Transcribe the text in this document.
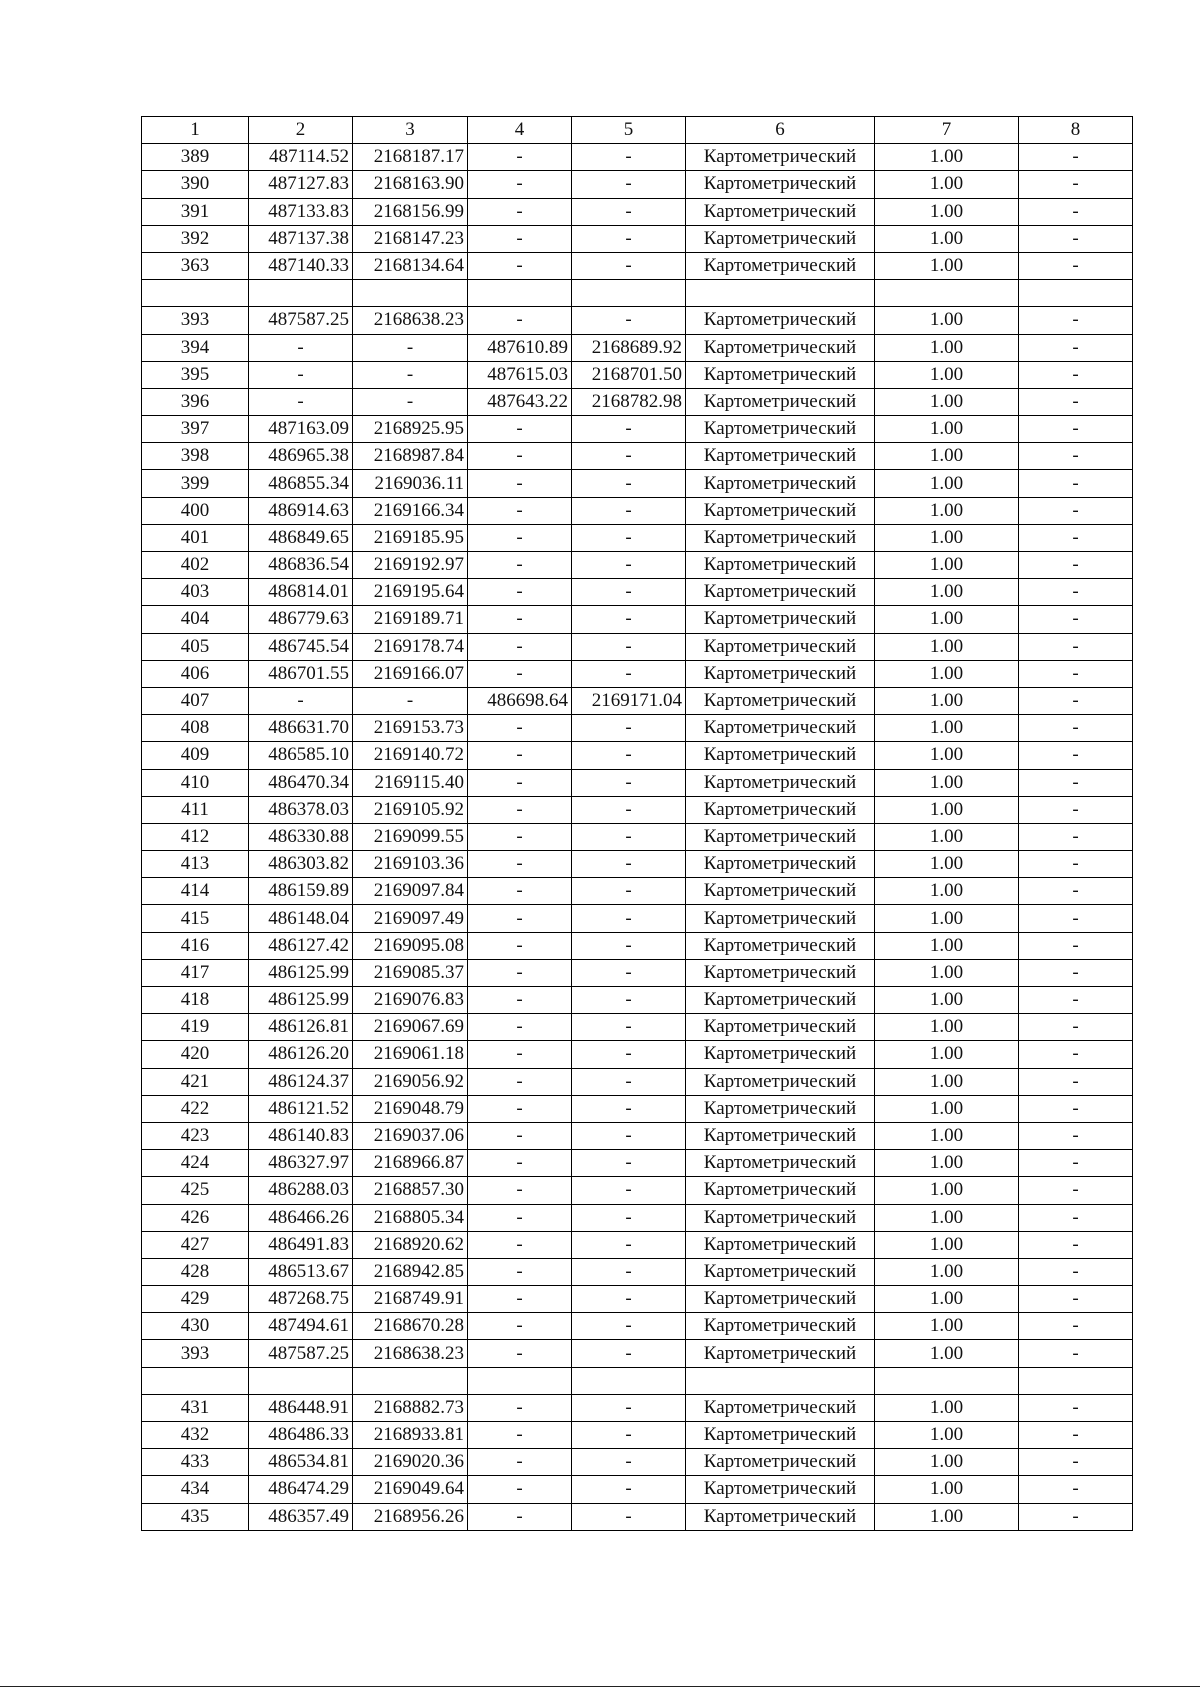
1	2	3	4	5	6	7	8
389	487114.52	2168187.17	-	-	Картометрический	1.00	-
390	487127.83	2168163.90	-	-	Картометрический	1.00	-
391	487133.83	2168156.99	-	-	Картометрический	1.00	-
392	487137.38	2168147.23	-	-	Картометрический	1.00	-
363	487140.33	2168134.64	-	-	Картометрический	1.00	-

393	487587.25	2168638.23	-	-	Картометрический	1.00	-
394	-	-	487610.89	2168689.92	Картометрический	1.00	-
395	-	-	487615.03	2168701.50	Картометрический	1.00	-
396	-	-	487643.22	2168782.98	Картометрический	1.00	-
397	487163.09	2168925.95	-	-	Картометрический	1.00	-
398	486965.38	2168987.84	-	-	Картометрический	1.00	-
399	486855.34	2169036.11	-	-	Картометрический	1.00	-
400	486914.63	2169166.34	-	-	Картометрический	1.00	-
401	486849.65	2169185.95	-	-	Картометрический	1.00	-
402	486836.54	2169192.97	-	-	Картометрический	1.00	-
403	486814.01	2169195.64	-	-	Картометрический	1.00	-
404	486779.63	2169189.71	-	-	Картометрический	1.00	-
405	486745.54	2169178.74	-	-	Картометрический	1.00	-
406	486701.55	2169166.07	-	-	Картометрический	1.00	-
407	-	-	486698.64	2169171.04	Картометрический	1.00	-
408	486631.70	2169153.73	-	-	Картометрический	1.00	-
409	486585.10	2169140.72	-	-	Картометрический	1.00	-
410	486470.34	2169115.40	-	-	Картометрический	1.00	-
411	486378.03	2169105.92	-	-	Картометрический	1.00	-
412	486330.88	2169099.55	-	-	Картометрический	1.00	-
413	486303.82	2169103.36	-	-	Картометрический	1.00	-
414	486159.89	2169097.84	-	-	Картометрический	1.00	-
415	486148.04	2169097.49	-	-	Картометрический	1.00	-
416	486127.42	2169095.08	-	-	Картометрический	1.00	-
417	486125.99	2169085.37	-	-	Картометрический	1.00	-
418	486125.99	2169076.83	-	-	Картометрический	1.00	-
419	486126.81	2169067.69	-	-	Картометрический	1.00	-
420	486126.20	2169061.18	-	-	Картометрический	1.00	-
421	486124.37	2169056.92	-	-	Картометрический	1.00	-
422	486121.52	2169048.79	-	-	Картометрический	1.00	-
423	486140.83	2169037.06	-	-	Картометрический	1.00	-
424	486327.97	2168966.87	-	-	Картометрический	1.00	-
425	486288.03	2168857.30	-	-	Картометрический	1.00	-
426	486466.26	2168805.34	-	-	Картометрический	1.00	-
427	486491.83	2168920.62	-	-	Картометрический	1.00	-
428	486513.67	2168942.85	-	-	Картометрический	1.00	-
429	487268.75	2168749.91	-	-	Картометрический	1.00	-
430	487494.61	2168670.28	-	-	Картометрический	1.00	-
393	487587.25	2168638.23	-	-	Картометрический	1.00	-

431	486448.91	2168882.73	-	-	Картометрический	1.00	-
432	486486.33	2168933.81	-	-	Картометрический	1.00	-
433	486534.81	2169020.36	-	-	Картометрический	1.00	-
434	486474.29	2169049.64	-	-	Картометрический	1.00	-
435	486357.49	2168956.26	-	-	Картометрический	1.00	-
